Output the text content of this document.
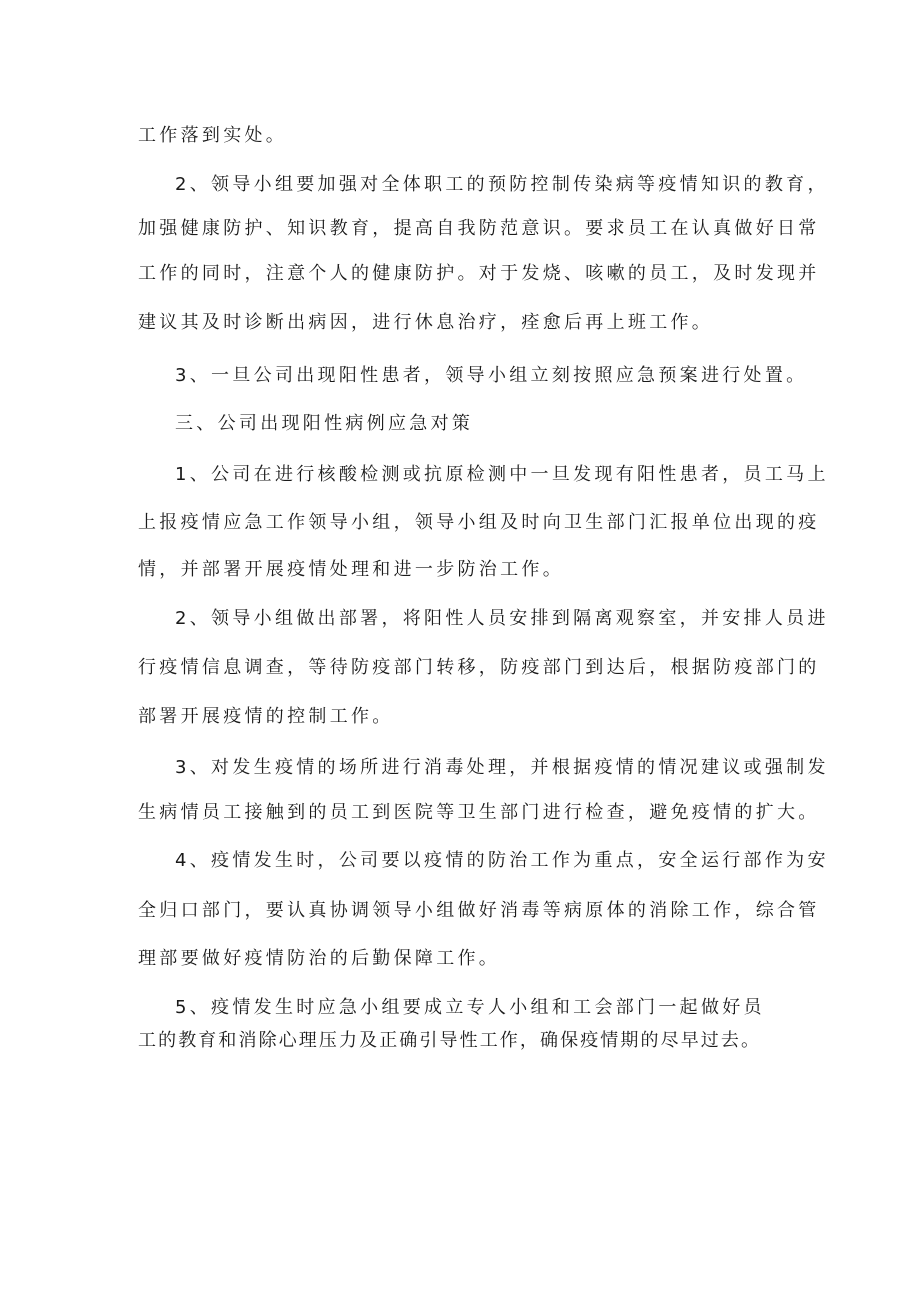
工作落到实处。
2、领导小组要加强对全体职工的预防控制传染病等疫情知识的教育，
加强健康防护、知识教育，提高自我防范意识。要求员工在认真做好日常
工作的同时，注意个人的健康防护。对于发烧、咳嗽的员工，及时发现并
建议其及时诊断出病因，进行休息治疗，痊愈后再上班工作。
3、一旦公司出现阳性患者，领导小组立刻按照应急预案进行处置。
三、公司出现阳性病例应急对策
1、公司在进行核酸检测或抗原检测中一旦发现有阳性患者，员工马上
上报疫情应急工作领导小组，领导小组及时向卫生部门汇报单位出现的疫
情，并部署开展疫情处理和进一步防治工作。
2、领导小组做出部署，将阳性人员安排到隔离观察室，并安排人员进
行疫情信息调查，等待防疫部门转移，防疫部门到达后，根据防疫部门的
部署开展疫情的控制工作。
3、对发生疫情的场所进行消毒处理，并根据疫情的情况建议或强制发
生病情员工接触到的员工到医院等卫生部门进行检查，避免疫情的扩大。
4、疫情发生时，公司要以疫情的防治工作为重点，安全运行部作为安
全归口部门，要认真协调领导小组做好消毒等病原体的消除工作，综合管
理部要做好疫情防治的后勤保障工作。
5、疫情发生时应急小组要成立专人小组和工会部门一起做好员
工的教育和消除心理压力及正确引导性工作，确保疫情期的尽早过去。
